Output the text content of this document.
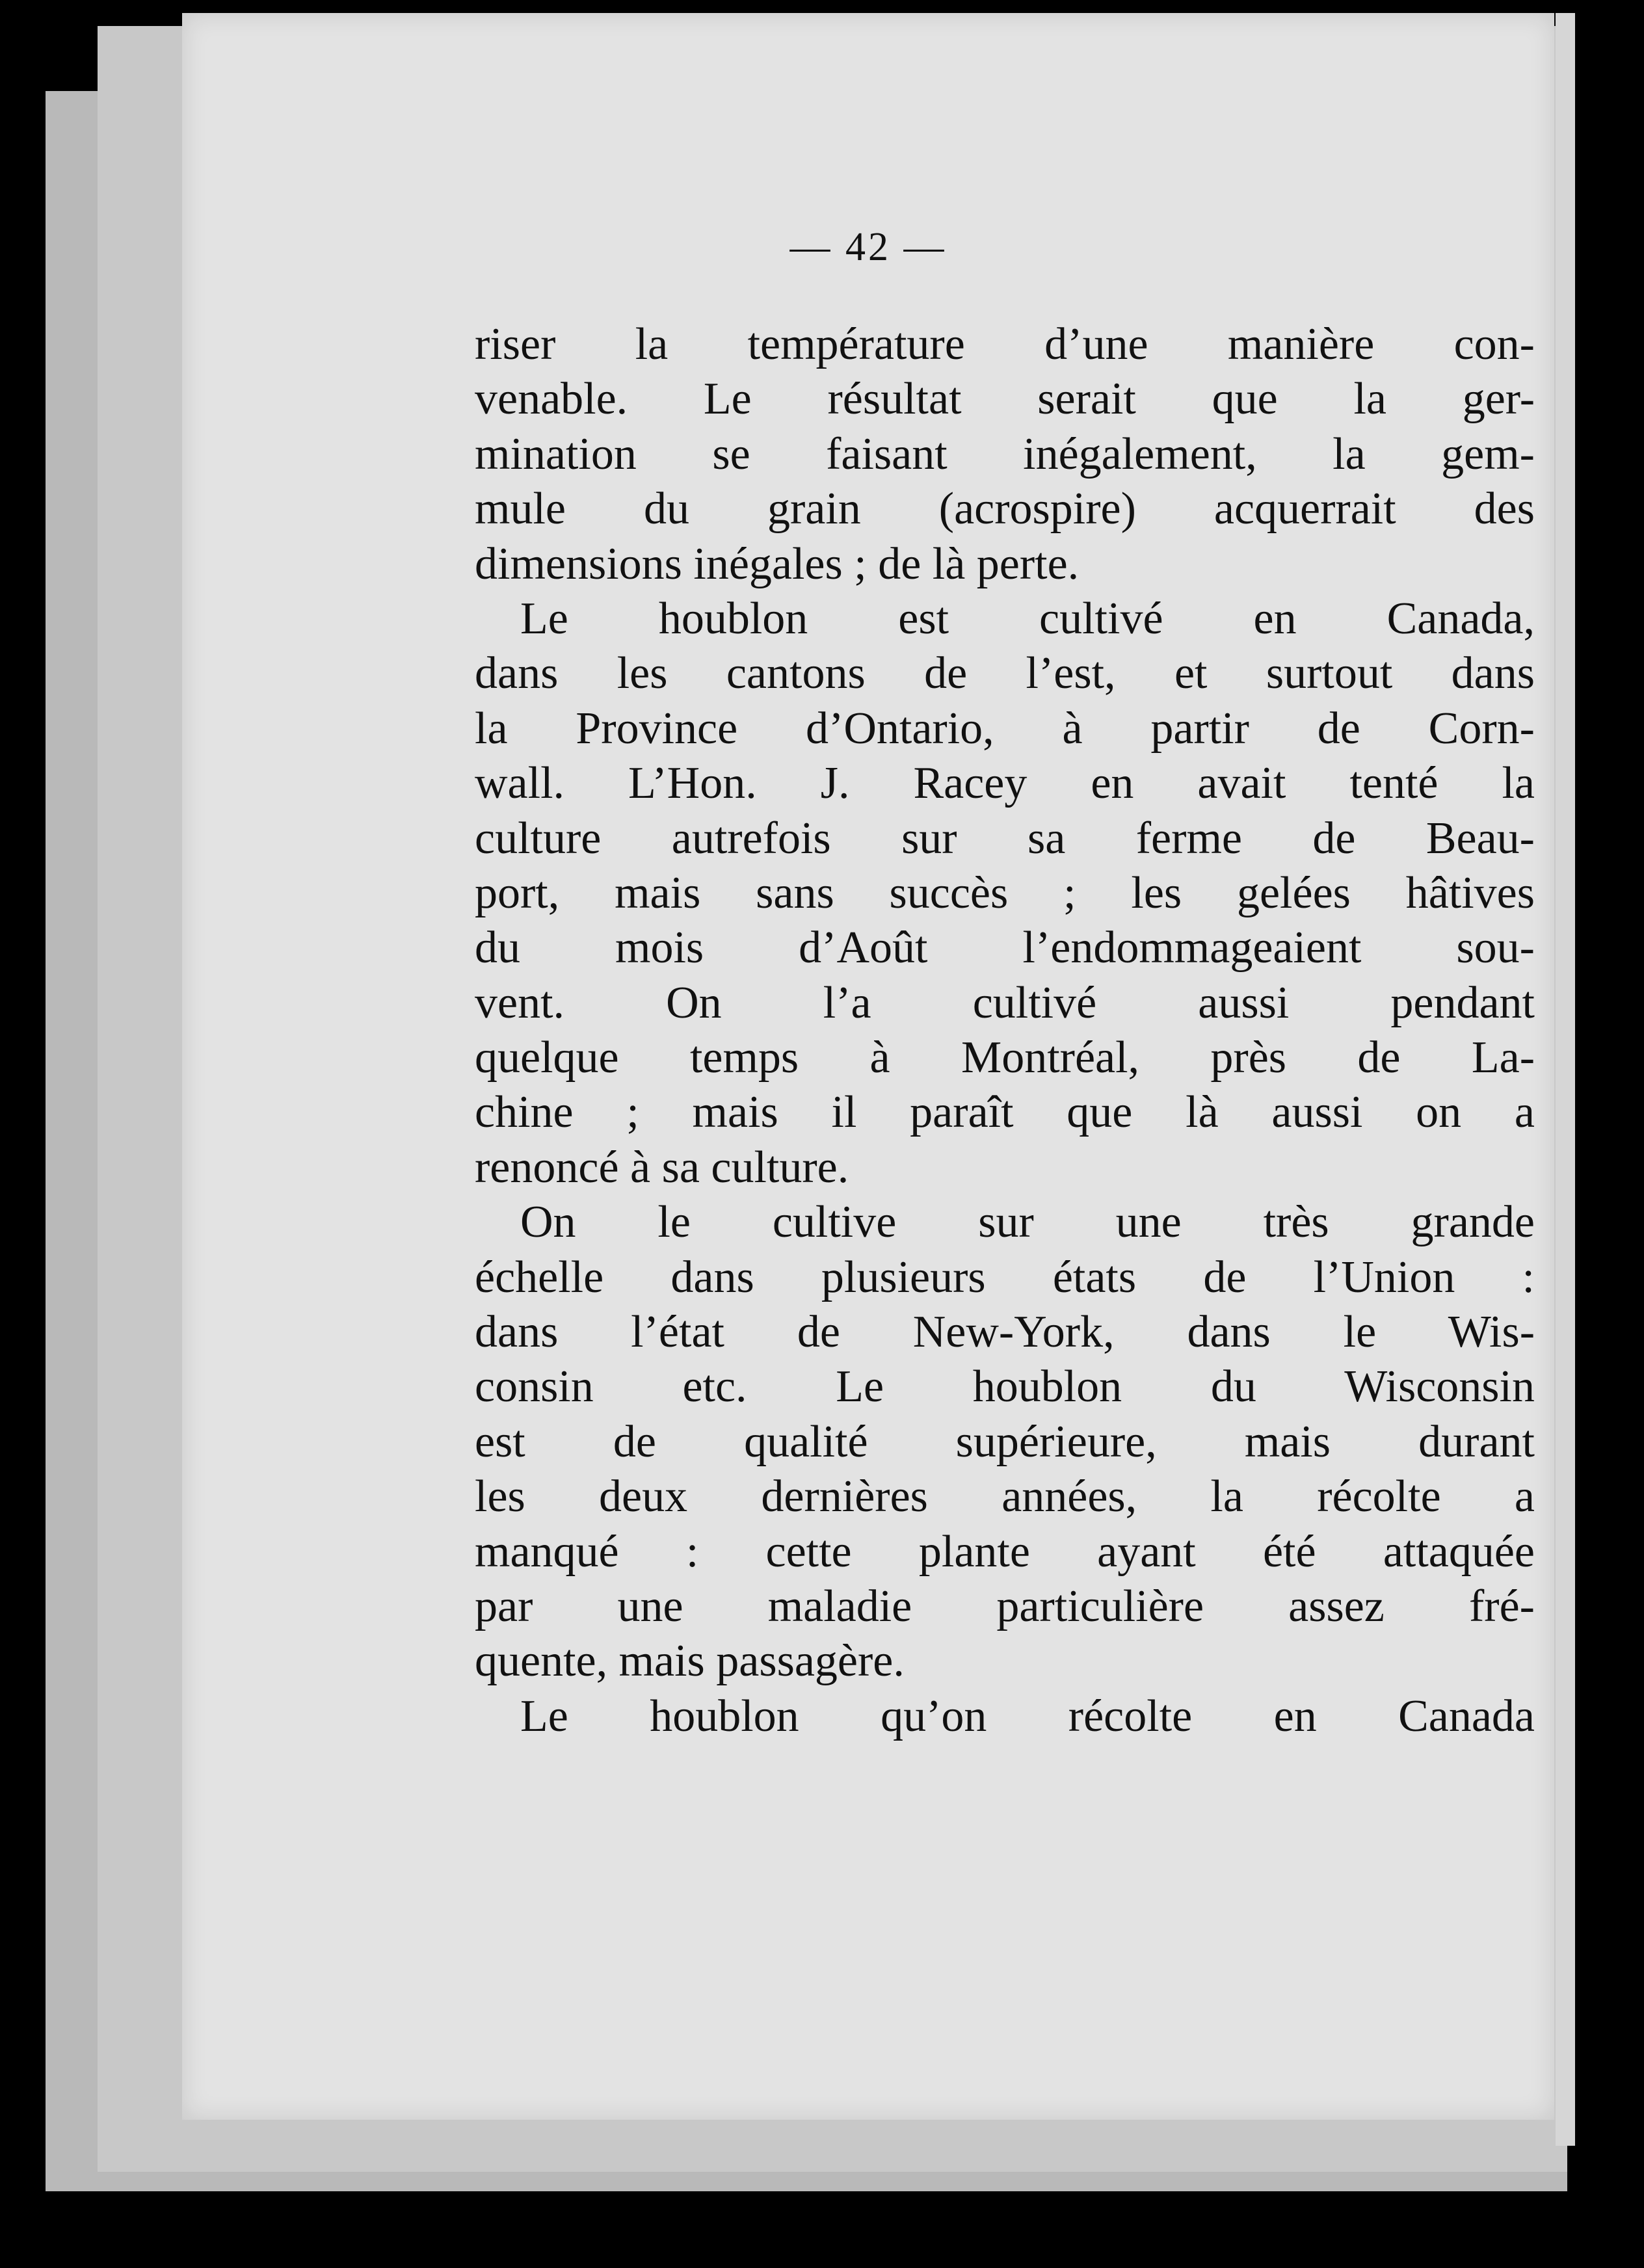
— 42 —
riser la température d’une manière con-
venable. Le résultat serait que la ger-
mination se faisant inégalement, la gem-
mule du grain (acrospire) acquerrait des
dimensions inégales ; de là perte.
Le houblon est cultivé en Canada,
dans les cantons de l’est, et surtout dans
la Province d’Ontario, à partir de Corn-
wall. L’Hon. J. Racey en avait tenté la
culture autrefois sur sa ferme de Beau-
port, mais sans succès ; les gelées hâtives
du mois d’Août l’endommageaient sou-
vent. On l’a cultivé aussi pendant
quelque temps à Montréal, près de La-
chine ; mais il paraît que là aussi on a
renoncé à sa culture.
On le cultive sur une très grande
échelle dans plusieurs états de l’Union :
dans l’état de New-York, dans le Wis-
consin etc. Le houblon du Wisconsin
est de qualité supérieure, mais durant
les deux dernières années, la récolte a
manqué : cette plante ayant été attaquée
par une maladie particulière assez fré-
quente, mais passagère.
Le houblon qu’on récolte en Canada
